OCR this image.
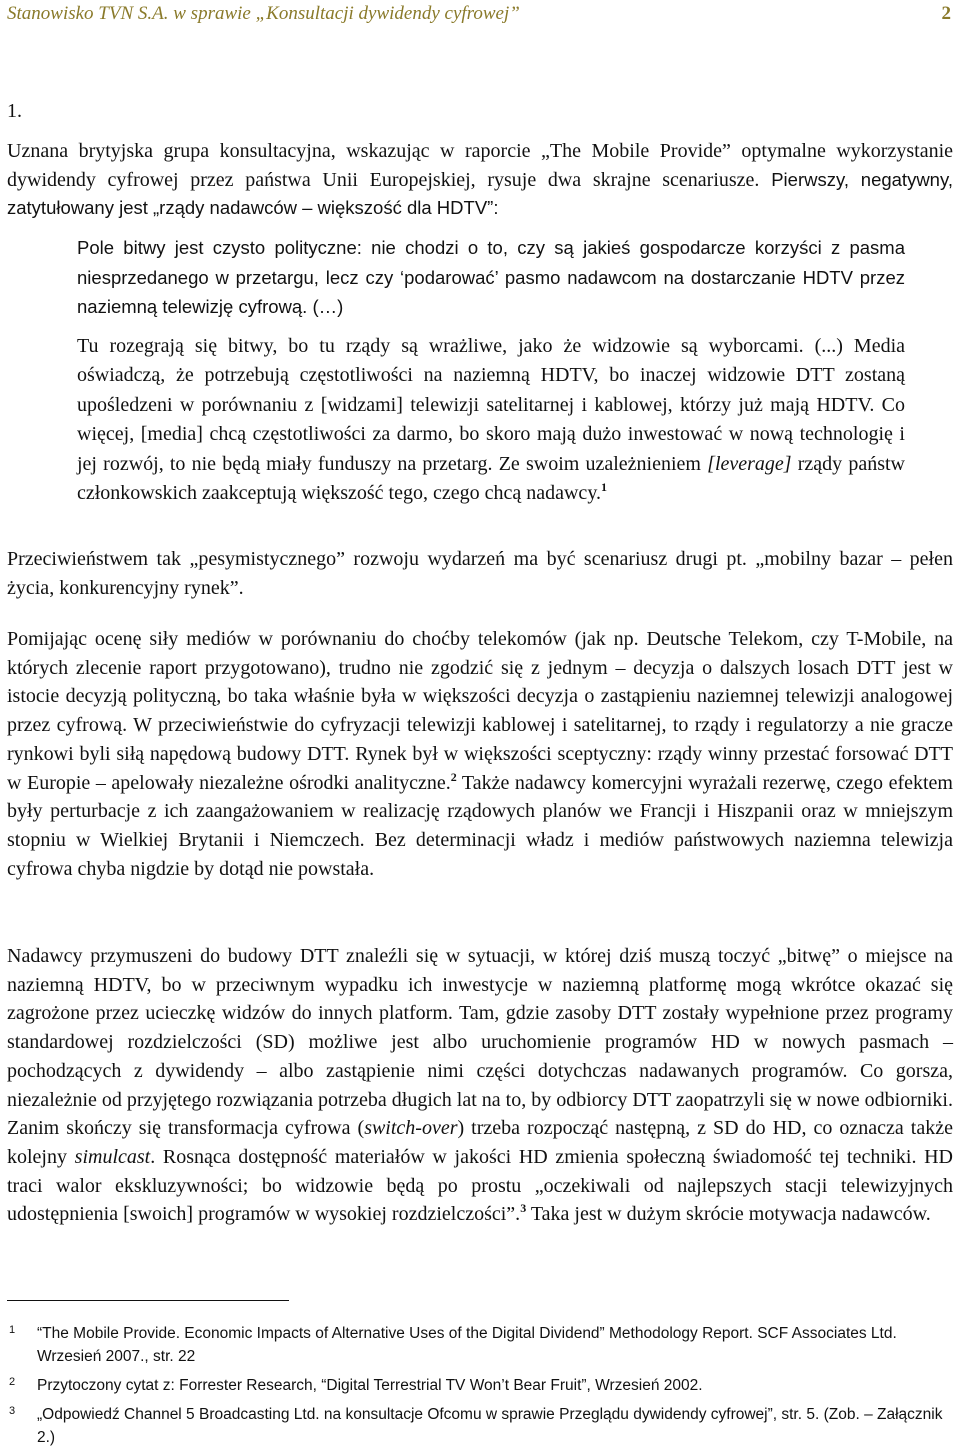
Stanowisko TVN S.A. w sprawie „Konsultacji dywidendy cyfrowej”	2
1.

Uznana brytyjska grupa konsultacyjna, wskazując w raporcie „The Mobile Provide” optymalne wykorzystanie dywidendy cyfrowej przez państwa Unii Europejskiej, rysuje dwa skrajne scenariusze. Pierwszy, negatywny, zatytułowany jest „rządy nadawców – większość dla HDTV”:

Pole bitwy jest czysto polityczne: nie chodzi o to, czy są jakieś gospodarcze korzyści z pasma niesprzedanego w przetargu, lecz czy ‘podarować’ pasmo nadawcom na dostarczanie HDTV przez naziemną telewizję cyfrową. (…)

Tu rozegrają się bitwy, bo tu rządy są wrażliwe, jako że widzowie są wyborcami. (...) Media oświadczą, że potrzebują częstotliwości na naziemną HDTV, bo inaczej widzowie DTT zostaną upośledzeni w porównaniu z [widzami] telewizji satelitarnej i kablowej, którzy już mają HDTV. Co więcej, [media] chcą częstotliwości za darmo, bo skoro mają dużo inwestować w nową technologię i jej rozwój, to nie będą miały funduszy na przetarg. Ze swoim uzależnieniem [leverage] rządy państw członkowskich zaakceptują większość tego, czego chcą nadawcy.$^1$

Przeciwieństwem tak „pesymistycznego” rozwoju wydarzeń ma być scenariusz drugi pt. „mobilny bazar – pełen życia, konkurencyjny rynek”.

Pomijając ocenę siły mediów w porównaniu do choćby telekomów (jak np. Deutsche Telekom, czy T-Mobile, na których zlecenie raport przygotowano), trudno nie zgodzić się z jednym – decyzja o dalszych losach DTT jest w istocie decyzją polityczną, bo taka właśnie była w większości decyzja o zastąpieniu naziemnej telewizji analogowej przez cyfrową. W przeciwieństwie do cyfryzacji telewizji kablowej i satelitarnej, to rządy i regulatorzy a nie gracze rynkowi byli siłą napędową budowy DTT. Rynek był w większości sceptyczny: rządy winny przestać forsować DTT w Europie – apelowały niezależne ośrodki analityczne.$^2$ Także nadawcy komercyjni wyrażali rezerwę, czego efektem były perturbacje z ich zaangażowaniem w realizację rządowych planów we Francji i Hiszpanii oraz w mniejszym stopniu w Wielkiej Brytanii i Niemczech. Bez determinacji władz i mediów państwowych naziemna telewizja cyfrowa chyba nigdzie by dotąd nie powstała.

Nadawcy przymuszeni do budowy DTT znaleźli się w sytuacji, w której dziś muszą toczyć „bitwę” o miejsce na naziemną HDTV, bo w przeciwnym wypadku ich inwestycje w naziemną platformę mogą wkrótce okazać się zagrożone przez ucieczkę widzów do innych platform. Tam, gdzie zasoby DTT zostały wypełnione przez programy standardowej rozdzielczości (SD) możliwe jest albo uruchomienie programów HD w nowych pasmach – pochodzących z dywidendy – albo zastąpienie nimi części dotychczas nadawanych programów. Co gorsza, niezależnie od przyjętego rozwiązania potrzeba długich lat na to, by odbiorcy DTT zaopatrzyli się w nowe odbiorniki. Zanim skończy się transformacja cyfrowa (switch-over) trzeba rozpocząć następną, z SD do HD, co oznacza także kolejny simulcast. Rosnąca dostępność materiałów w jakości HD zmienia społeczną świadomość tej techniki. HD traci walor ekskluzywności; bo widzowie będą po prostu „oczekiwali od najlepszych stacji telewizyjnych udostępnienia [swoich] programów w wysokiej rozdzielczości”.$^3$ Taka jest w dużym skrócie motywacja nadawców.

1	“The Mobile Provide. Economic Impacts of Alternative Uses of the Digital Dividend” Methodology Report. SCF Associates Ltd. Wrzesień 2007., str. 22
2	Przytoczony cytat z: Forrester Research, “Digital Terrestrial TV Won’t Bear Fruit”, Wrzesień 2002.
3	„Odpowiedź Channel 5 Broadcasting Ltd. na konsultacje Ofcomu w sprawie Przeglądu dywidendy cyfrowej”, str. 5. (Zob. – Załącznik 2.)
